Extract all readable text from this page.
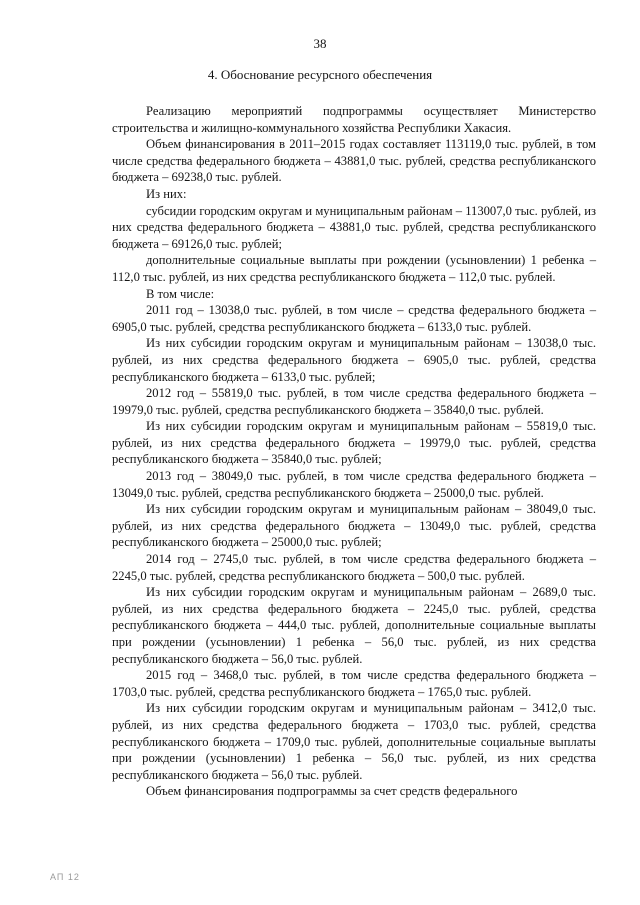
38
4. Обоснование ресурсного обеспечения

Реализацию мероприятий подпрограммы осуществляет Министерство строительства и жилищно-коммунального хозяйства Республики Хакасия.

Объем финансирования в 2011–2015 годах составляет 113119,0 тыс. рублей, в том числе средства федерального бюджета – 43881,0 тыс. рублей, средства республиканского бюджета – 69238,0 тыс. рублей.

Из них:

субсидии городским округам и муниципальным районам – 113007,0 тыс. рублей, из них средства федерального бюджета – 43881,0 тыс. рублей, средства республиканского бюджета – 69126,0 тыс. рублей;

дополнительные социальные выплаты при рождении (усыновлении) 1 ребенка – 112,0 тыс. рублей, из них средства республиканского бюджета – 112,0 тыс. рублей.

В том числе:

2011 год – 13038,0 тыс. рублей, в том числе – средства федерального бюджета – 6905,0 тыс. рублей, средства республиканского бюджета – 6133,0 тыс. рублей.

Из них субсидии городским округам и муниципальным районам – 13038,0 тыс. рублей, из них средства федерального бюджета – 6905,0 тыс. рублей, средства республиканского бюджета – 6133,0 тыс. рублей;

2012 год – 55819,0 тыс. рублей, в том числе средства федерального бюджета – 19979,0 тыс. рублей, средства республиканского бюджета – 35840,0 тыс. рублей.

Из них субсидии городским округам и муниципальным районам – 55819,0 тыс. рублей, из них средства федерального бюджета – 19979,0 тыс. рублей, средства республиканского бюджета – 35840,0 тыс. рублей;

2013 год – 38049,0 тыс. рублей, в том числе средства федерального бюджета – 13049,0 тыс. рублей, средства республиканского бюджета – 25000,0 тыс. рублей.

Из них субсидии городским округам и муниципальным районам – 38049,0 тыс. рублей, из них средства федерального бюджета – 13049,0 тыс. рублей, средства республиканского бюджета – 25000,0 тыс. рублей;

2014 год – 2745,0 тыс. рублей, в том числе средства федерального бюджета – 2245,0 тыс. рублей, средства республиканского бюджета – 500,0 тыс. рублей.

Из них субсидии городским округам и муниципальным районам – 2689,0 тыс. рублей, из них средства федерального бюджета – 2245,0 тыс. рублей, средства республиканского бюджета – 444,0 тыс. рублей, дополнительные социальные выплаты при рождении (усыновлении) 1 ребенка – 56,0 тыс. рублей, из них средства республиканского бюджета – 56,0 тыс. рублей.

2015 год – 3468,0 тыс. рублей, в том числе средства федерального бюджета – 1703,0 тыс. рублей, средства республиканского бюджета – 1765,0 тыс. рублей.

Из них субсидии городским округам и муниципальным районам – 3412,0 тыс. рублей, из них средства федерального бюджета – 1703,0 тыс. рублей, средства республиканского бюджета – 1709,0 тыс. рублей, дополнительные социальные выплаты при рождении (усыновлении) 1 ребенка – 56,0 тыс. рублей, из них средства республиканского бюджета – 56,0 тыс. рублей.

Объем финансирования подпрограммы за счет средств федерального

АП 12
